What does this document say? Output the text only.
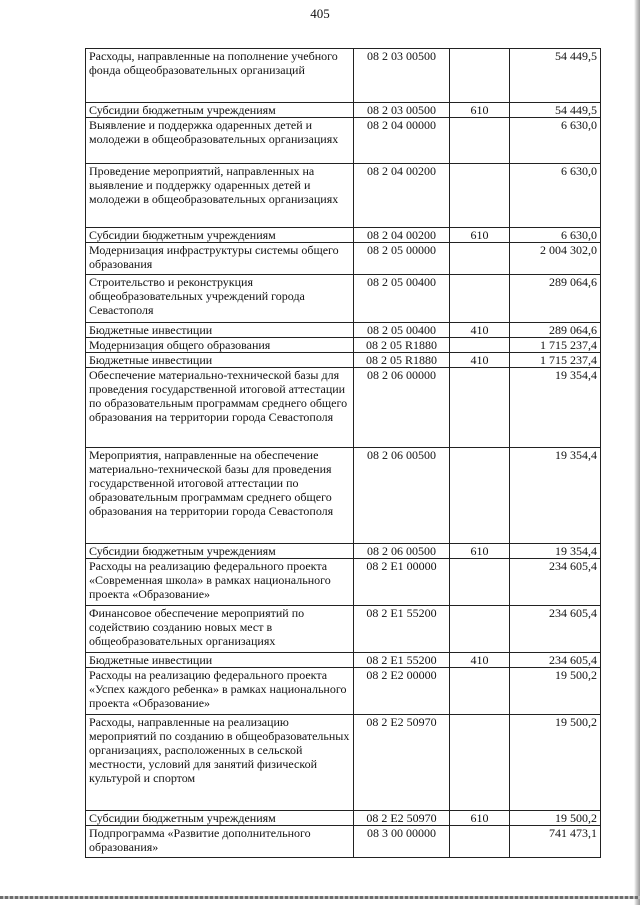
405
Расходы, направленные на пополнение учебного фонда общеобразовательных организаций	08 2 03 00500		54 449,5
Субсидии бюджетным учреждениям	08 2 03 00500	610	54 449,5
Выявление и поддержка одаренных детей и молодежи в общеобразовательных организациях	08 2 04 00000		6 630,0
Проведение мероприятий, направленных на выявление и поддержку одаренных детей и молодежи в общеобразовательных организациях	08 2 04 00200		6 630,0
Субсидии бюджетным учреждениям	08 2 04 00200	610	6 630,0
Модернизация инфраструктуры системы общего образования	08 2 05 00000		2 004 302,0
Строительство и реконструкция общеобразовательных учреждений города Севастополя	08 2 05 00400		289 064,6
Бюджетные инвестиции	08 2 05 00400	410	289 064,6
Модернизация общего образования	08 2 05 R1880		1 715 237,4
Бюджетные инвестиции	08 2 05 R1880	410	1 715 237,4
Обеспечение материально-технической базы для проведения государственной итоговой аттестации по образовательным программам среднего общего образования на территории города Севастополя	08 2 06 00000		19 354,4
Мероприятия, направленные на обеспечение материально-технической базы для проведения государственной итоговой аттестации по образовательным программам среднего общего образования на территории города Севастополя	08 2 06 00500		19 354,4
Субсидии бюджетным учреждениям	08 2 06 00500	610	19 354,4
Расходы на реализацию федерального проекта «Современная школа» в рамках национального проекта «Образование»	08 2 E1 00000		234 605,4
Финансовое обеспечение мероприятий по содействию созданию новых мест в общеобразовательных организациях	08 2 E1 55200		234 605,4
Бюджетные инвестиции	08 2 E1 55200	410	234 605,4
Расходы на реализацию федерального проекта «Успех каждого ребенка» в рамках национального проекта «Образование»	08 2 E2 00000		19 500,2
Расходы, направленные на реализацию мероприятий по созданию в общеобразовательных организациях, расположенных в сельской местности, условий для занятий физической культурой и спортом	08 2 E2 50970		19 500,2
Субсидии бюджетным учреждениям	08 2 E2 50970	610	19 500,2
Подпрограмма «Развитие дополнительного образования»	08 3 00 00000		741 473,1
